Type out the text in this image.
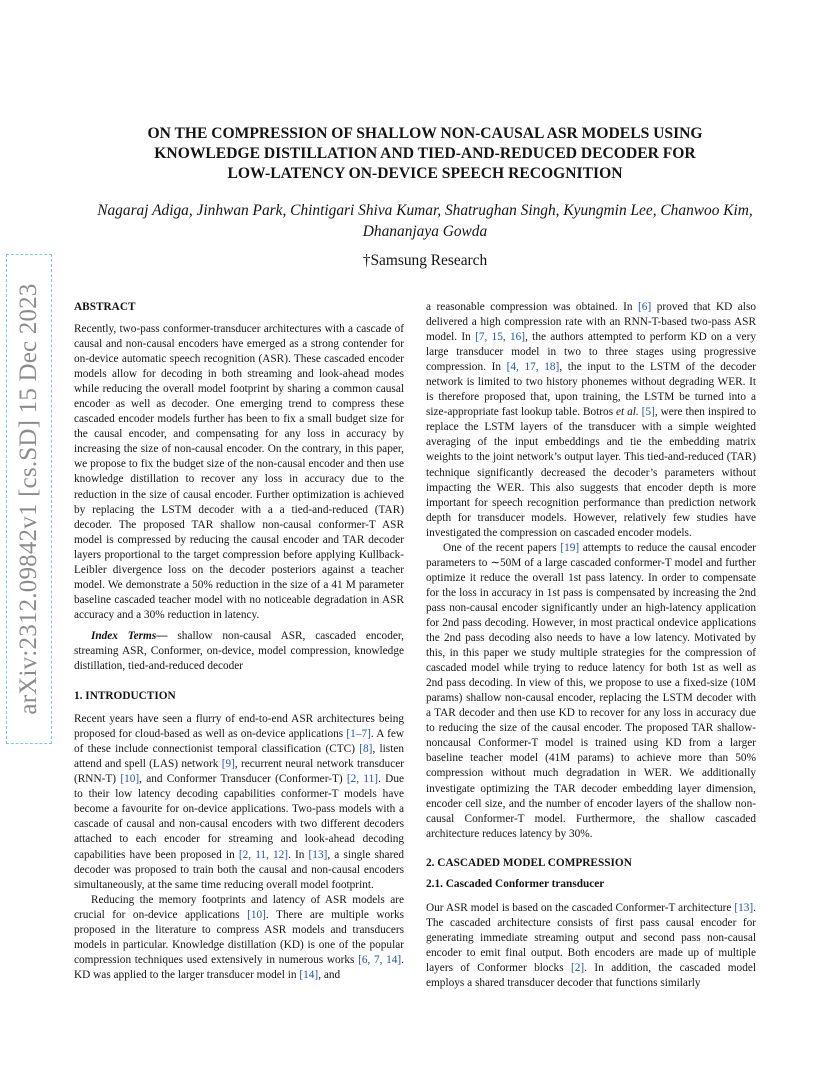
arXiv:2312.09842v1 [cs.SD] 15 Dec 2023
ON THE COMPRESSION OF SHALLOW NON-CAUSAL ASR MODELS USING
KNOWLEDGE DISTILLATION AND TIED-AND-REDUCED DECODER FOR
LOW-LATENCY ON-DEVICE SPEECH RECOGNITION

Nagaraj Adiga, Jinhwan Park, Chintigari Shiva Kumar, Shatrughan Singh, Kyungmin Lee, Chanwoo Kim, Dhananjaya Gowda

†Samsung Research

ABSTRACT

Recently, two-pass conformer-transducer architectures with a cascade of causal and non-causal encoders have emerged as a strong contender for on-device automatic speech recognition (ASR). These cascaded encoder models allow for decoding in both streaming and look-ahead modes while reducing the overall model footprint by sharing a common causal encoder as well as decoder. One emerging trend to compress these cascaded encoder models further has been to fix a small budget size for the causal encoder, and compensating for any loss in accuracy by increasing the size of non-causal encoder. On the contrary, in this paper, we propose to fix the budget size of the non-causal encoder and then use knowledge distillation to recover any loss in accuracy due to the reduction in the size of causal encoder. Further optimization is achieved by replacing the LSTM decoder with a a tied-and-reduced (TAR) decoder. The proposed TAR shallow non-causal conformer-T ASR model is compressed by reducing the causal encoder and TAR decoder layers proportional to the target compression before applying Kullback-Leibler divergence loss on the decoder posteriors against a teacher model. We demonstrate a 50% reduction in the size of a 41 M parameter baseline cascaded teacher model with no noticeable degradation in ASR accuracy and a 30% reduction in latency.

Index Terms— shallow non-causal ASR, cascaded encoder, streaming ASR, Conformer, on-device, model compression, knowledge distillation, tied-and-reduced decoder

1. INTRODUCTION

Recent years have seen a flurry of end-to-end ASR architectures being proposed for cloud-based as well as on-device applications [1–7]. A few of these include connectionist temporal classification (CTC) [8], listen attend and spell (LAS) network [9], recurrent neural network transducer (RNN-T) [10], and Conformer Transducer (Conformer-T) [2, 11]. Due to their low latency decoding capabilities conformer-T models have become a favourite for on-device applications. Two-pass models with a cascade of causal and non-causal encoders with two different decoders attached to each encoder for streaming and look-ahead decoding capabilities have been proposed in [2, 11, 12]. In [13], a single shared decoder was proposed to train both the causal and non-causal encoders simultaneously, at the same time reducing overall model footprint.

Reducing the memory footprints and latency of ASR models are crucial for on-device applications [10]. There are multiple works proposed in the literature to compress ASR models and transducers models in particular. Knowledge distillation (KD) is one of the popular compression techniques used extensively in numerous works [6, 7, 14]. KD was applied to the larger transducer model in [14], and

a reasonable compression was obtained. In [6] proved that KD also delivered a high compression rate with an RNN-T-based two-pass ASR model. In [7, 15, 16], the authors attempted to perform KD on a very large transducer model in two to three stages using progressive compression. In [4, 17, 18], the input to the LSTM of the decoder network is limited to two history phonemes without degrading WER. It is therefore proposed that, upon training, the LSTM be turned into a size-appropriate fast lookup table. Botros et al. [5], were then inspired to replace the LSTM layers of the transducer with a simple weighted averaging of the input embeddings and tie the embedding matrix weights to the joint network’s output layer. This tied-and-reduced (TAR) technique significantly decreased the decoder’s parameters without impacting the WER. This also suggests that encoder depth is more important for speech recognition performance than prediction network depth for transducer models. However, relatively few studies have investigated the compression on cascaded encoder models.

One of the recent papers [19] attempts to reduce the causal encoder parameters to ∼50M of a large cascaded conformer-T model and further optimize it reduce the overall 1st pass latency. In order to compensate for the loss in accuracy in 1st pass is compensated by increasing the 2nd pass non-causal encoder significantly under an high-latency application for 2nd pass decoding. However, in most practical ondevice applications the 2nd pass decoding also needs to have a low latency. Motivated by this, in this paper we study multiple strategies for the compression of cascaded model while trying to reduce latency for both 1st as well as 2nd pass decoding. In view of this, we propose to use a fixed-size (10M params) shallow non-causal encoder, replacing the LSTM decoder with a TAR decoder and then use KD to recover for any loss in accuracy due to reducing the size of the causal encoder. The proposed TAR shallow-noncausal Conformer-T model is trained using KD from a larger baseline teacher model (41M params) to achieve more than 50% compression without much degradation in WER. We additionally investigate optimizing the TAR decoder embedding layer dimension, encoder cell size, and the number of encoder layers of the shallow non-causal Conformer-T model. Furthermore, the shallow cascaded architecture reduces latency by 30%.

2. CASCADED MODEL COMPRESSION

2.1. Cascaded Conformer transducer

Our ASR model is based on the cascaded Conformer-T architecture [13]. The cascaded architecture consists of first pass causal encoder for generating immediate streaming output and second pass non-causal encoder to emit final output. Both encoders are made up of multiple layers of Conformer blocks [2]. In addition, the cascaded model employs a shared transducer decoder that functions similarly
